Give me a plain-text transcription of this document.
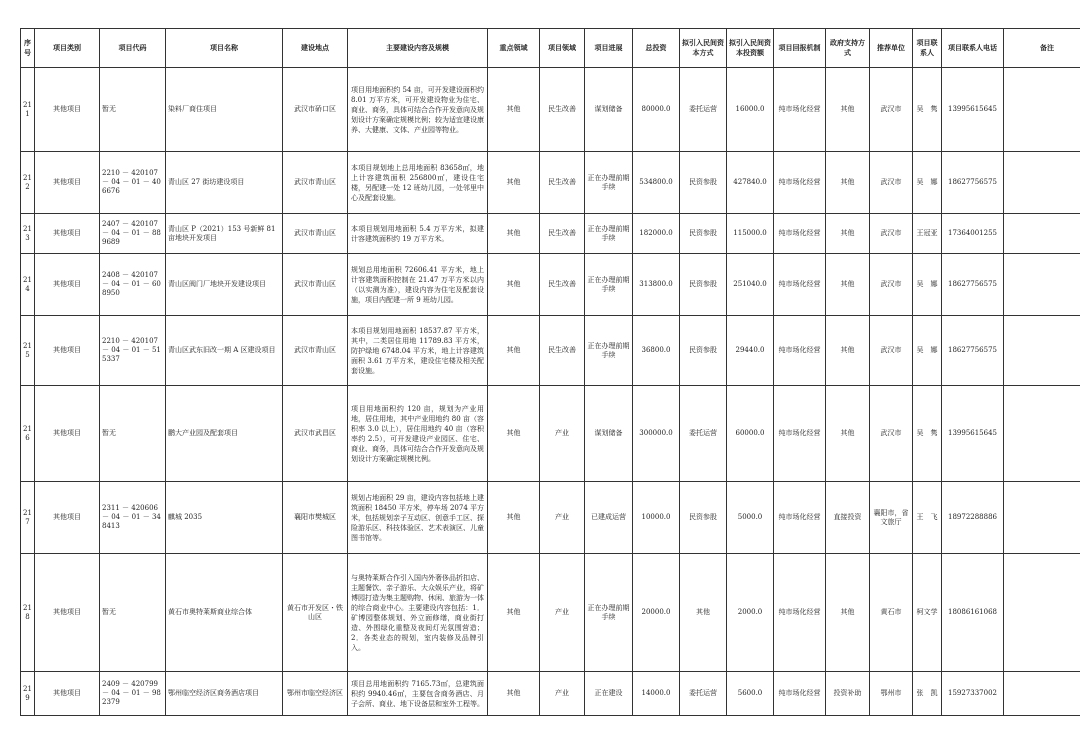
序号	项目类别	项目代码	项目名称	建设地点	主要建设内容及规模	重点领域	项目领域	项目进展	总投资	拟引入民间资本方式	拟引入民间资本投资额	项目回报机制	政府支持方式	推荐单位	项目联系人	项目联系人电话	备注
211	其他项目	暂无	染料厂商住项目	武汉市硚口区	项目用地面积约 54 亩，可开发建设面积约 8.01 万平方米，可开发建设物业为住宅、商业、商务，具体可结合合作开发意向及规划设计方案确定规模比例；较为适宜建设康养、大健康、文体、产业园等物业。	其他	民生改善	谋划储备	80000.0	委托运营	16000.0	纯市场化经营	其他	武汉市	吴　隽	13995615645	
212	其他项目	2210 － 420107 － 04 － 01 － 406676	青山区 27 街坊建设项目	武汉市青山区	本项目规划地上总用地面积 83658㎡，地上计容建筑面积 256800㎡，建设住宅楼，另配建一处 12 班幼儿园，一处邻里中心及配套设施。	其他	民生改善	正在办理前期手续	534800.0	民资参股	427840.0	纯市场化经营	其他	武汉市	吴　娜	18627756575	
213	其他项目	2407 － 420107 － 04 － 01 － 889689	青山区 P（2021）153 号新鲜 81 亩地块开发项目	武汉市青山区	本项目规划用地面积 5.4 万平方米，拟建计容建筑面积约 19 万平方米。	其他	民生改善	正在办理前期手续	182000.0	民资参股	115000.0	纯市场化经营	其他	武汉市	王冠亚	17364001255	
214	其他项目	2408 － 420107 － 04 － 01 － 608950	青山区阀门厂地块开发建设项目	武汉市青山区	规划总用地面积 72606.41 平方米，地上计容建筑面积控制在 21.47 万平方米以内（以实测为准），建设内容为住宅及配套设施，项目内配建一所 9 班幼儿园。	其他	民生改善	正在办理前期手续	313800.0	民资参股	251040.0	纯市场化经营	其他	武汉市	吴　娜	18627756575	
215	其他项目	2210 － 420107 － 04 － 01 － 515337	青山区武东旧改一期 A 区建设项目	武汉市青山区	本项目规划用地面积 18537.87 平方米，其中，二类居住用地 11789.83 平方米，防护绿地 6748.04 平方米，地上计容建筑面积 3.61 万平方米，建设住宅楼及相关配套设施。	其他	民生改善	正在办理前期手续	36800.0	民资参股	29440.0	纯市场化经营	其他	武汉市	吴　娜	18627756575	
216	其他项目	暂无	鹏大产业园及配套项目	武汉市武昌区	项目用地面积约 120 亩，规划为产业用地，居住用地，其中产业用地约 80 亩（容积率 3.0 以上），居住用地约 40 亩（容积率约 2.5），可开发建设产业园区、住宅、商业、商务，具体可结合合作开发意向及规划设计方案确定规模比例。	其他	产业	谋划储备	300000.0	委托运营	60000.0	纯市场化经营	其他	武汉市	吴　隽	13995615645	
217	其他项目	2311 － 420606 － 04 － 01 － 348413	麒城 2035	襄阳市樊城区	规划占地面积 29 亩，建设内容包括地上建筑面积 18450 平方米，停车场 2074 平方米，包括规划亲子互动区、创意手工区、探险游乐区、科技体验区、艺术表演区、儿童图书馆等。	其他	产业	已建成运营	10000.0	民资参股	5000.0	纯市场化经营	直接投资	襄阳市，省文旅厅	王　飞	18972288886	
218	其他项目	暂无	黄石市奥特莱斯商业综合体	黄石市开发区・铁山区	与奥特莱斯合作引入国内外奢侈品折扣店、主题餐饮、亲子游乐、大众娱乐产业，将矿博园打造为集主题购物、休闲、旅游为一体的综合商业中心。主要建设内容包括：1．矿博园整体规划、外立面修缮，商业街打造、外围绿化重整及夜间灯光氛围营造；2．各类业态的规划，室内装修及品牌引入。	其他	产业	正在办理前期手续	20000.0	其他	2000.0	纯市场化经营	其他	黄石市	柯文学	18086161068	
219	其他项目	2409 － 420799 － 04 － 01 － 982379	鄂州临空经济区商务酒店项目	鄂州市临空经济区	项目总用地面积约 7165.73㎡，总建筑面积约 9940.46㎡，主要包含商务酒店、月子会所、商业、地下设备层和室外工程等。	其他	产业	正在建设	14000.0	委托运营	5600.0	纯市场化经营	投资补助	鄂州市	张　凯	15927337002	
